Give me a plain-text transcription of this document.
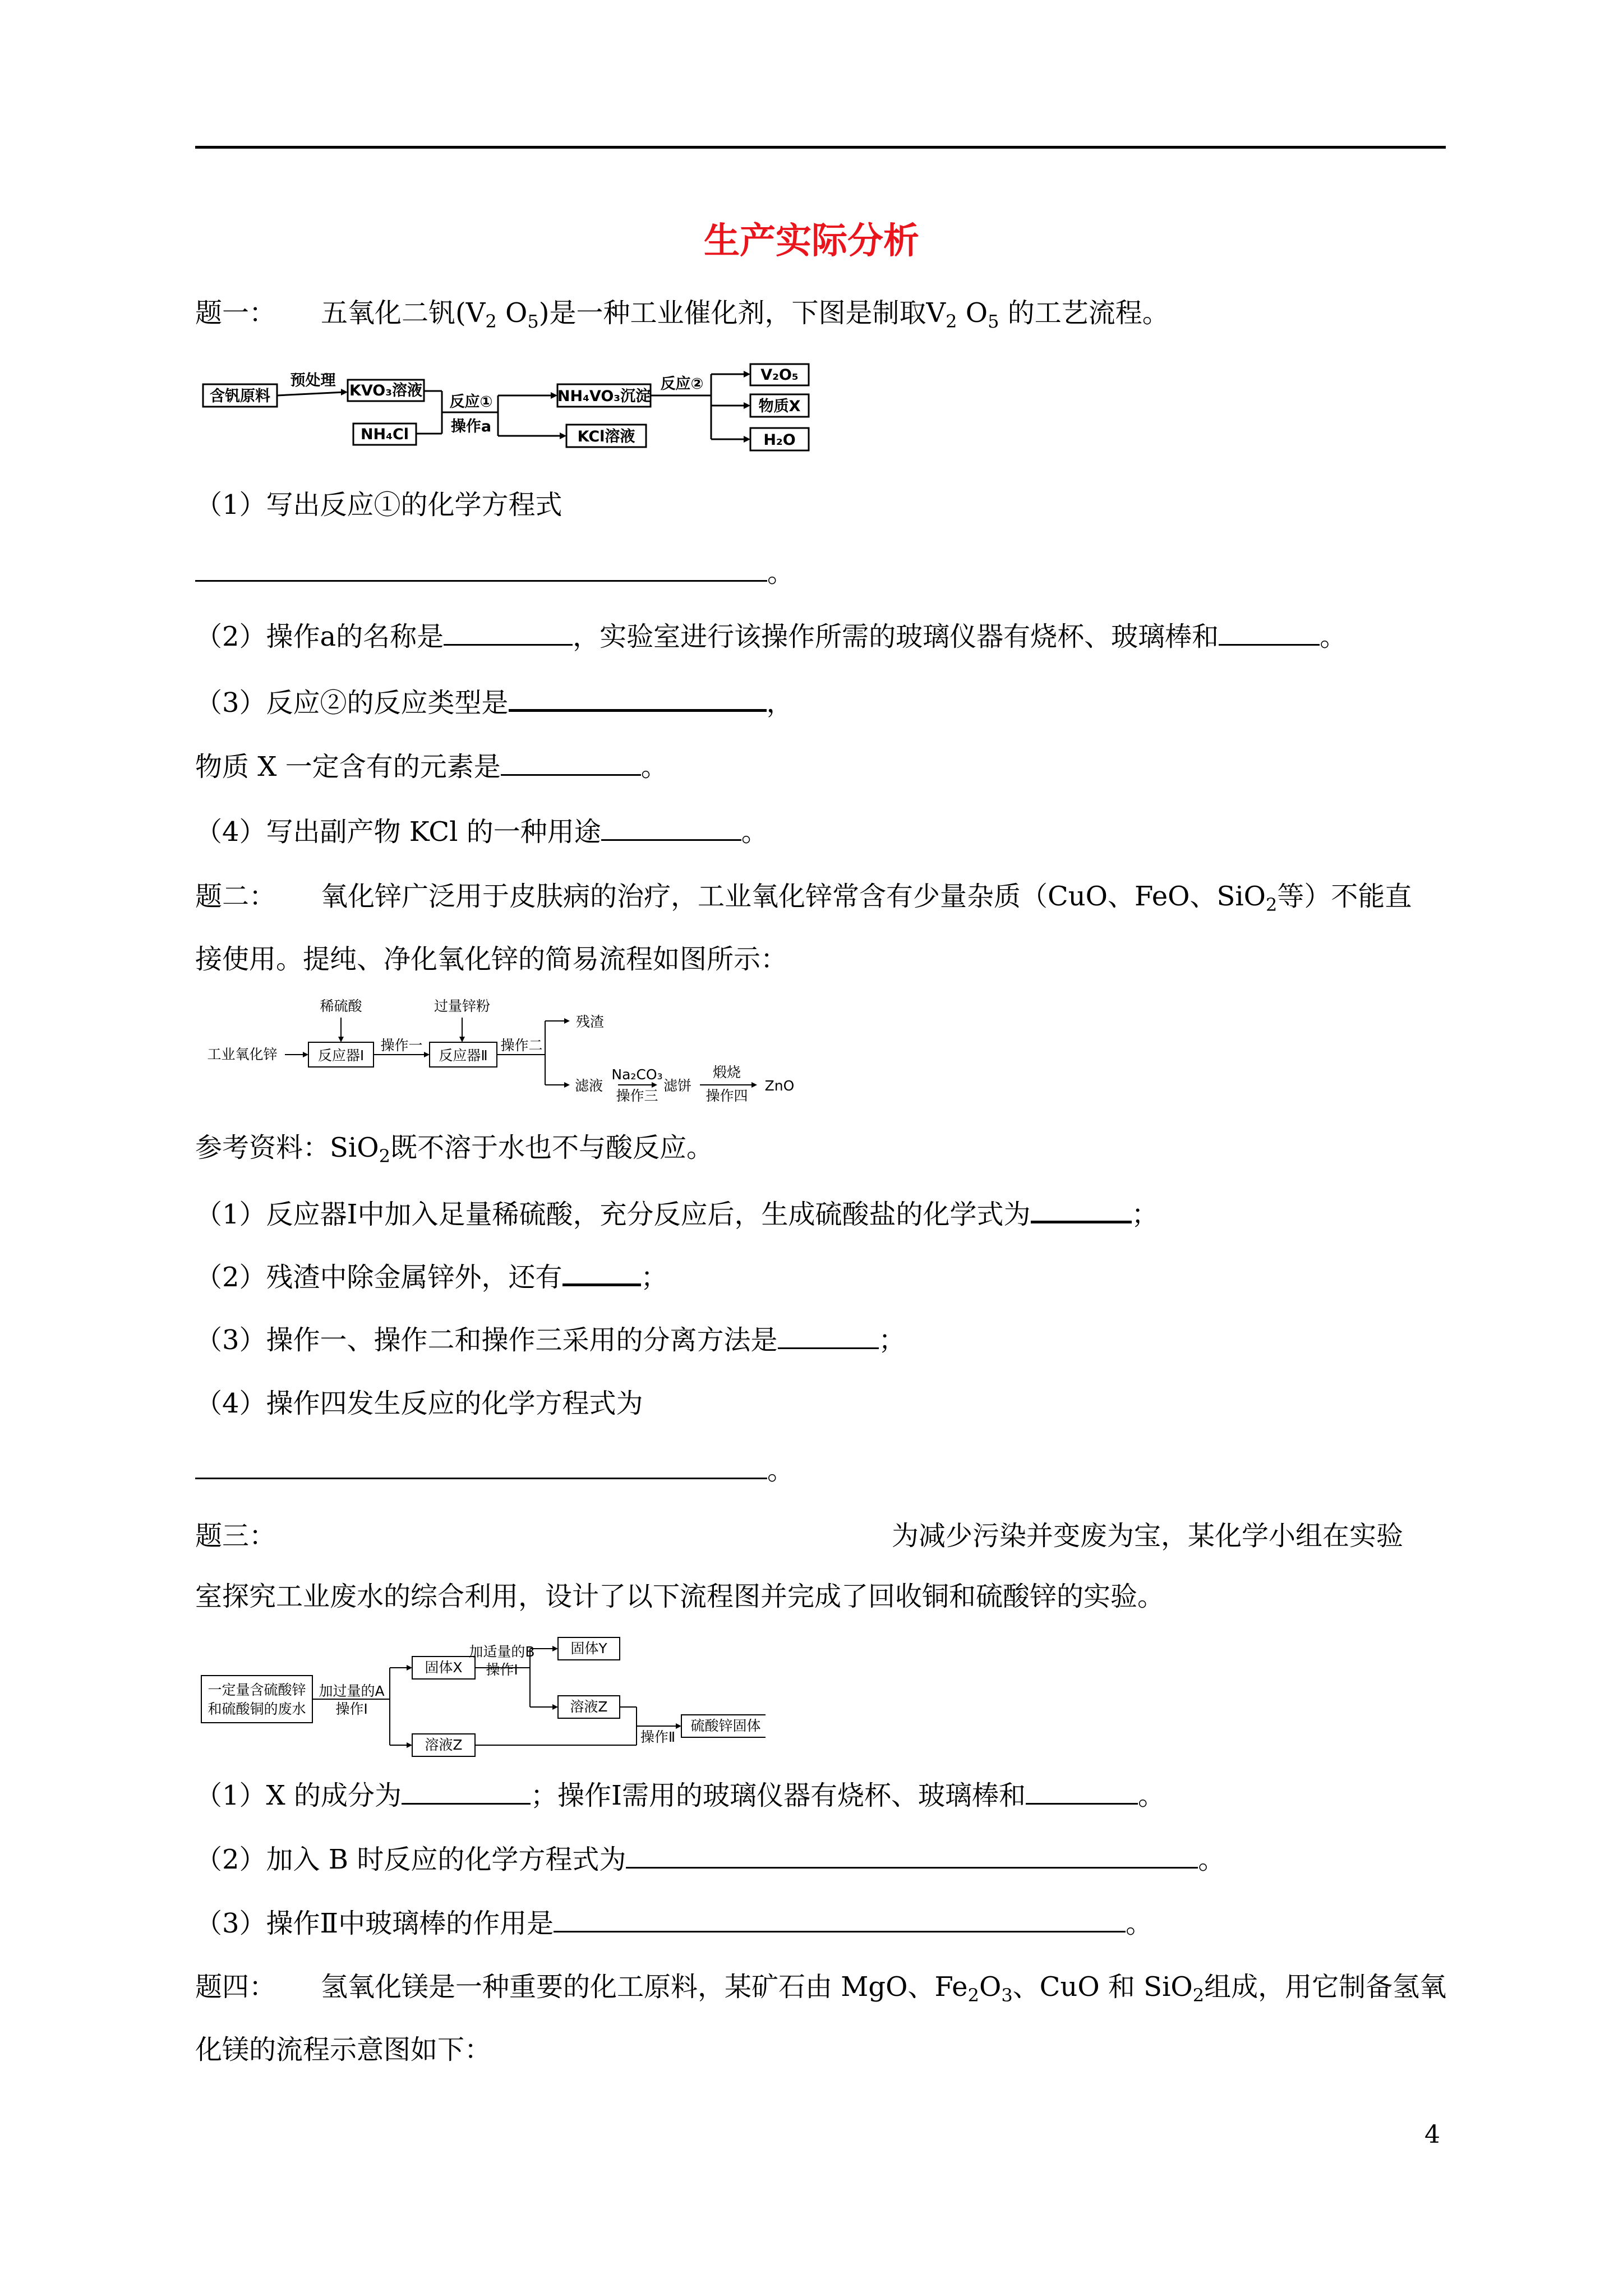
生产实际分析
题一： 五氧化二钒($V_2$ $O_5$)是一种工业催化剂，下图是制取$V_2$ $O_5$ 的工艺流程。
含钒原料
预处理
KVO₃溶液
NH₄Cl
反应①
操作a
NH₄VO₃沉淀
KCl溶液
反应②
V₂O₅
物质X
H₂O
（1）写出反应①的化学方程式
。
（2）操作a的名称是	，实验室进行该操作所需的玻璃仪器有烧杯、玻璃棒和	。
（3）反应②的反应类型是	，
物质 X 一定含有的元素是	。
（4）写出副产物 KCl 的一种用途	。
题二： 氧化锌广泛用于皮肤病的治疗，工业氧化锌常含有少量杂质（CuO、FeO、SiO$_2$等）不能直
接使用。提纯、净化氧化锌的简易流程如图所示：
工业氧化锌
稀硫酸
反应器Ⅰ
操作一
过量锌粉
反应器Ⅱ
操作二
残渣
滤液
Na₂CO₃
操作三
滤饼
煅烧
操作四
ZnO
参考资料：SiO$_2$既不溶于水也不与酸反应。
（1）反应器Ⅰ中加入足量稀硫酸，充分反应后，生成硫酸盐的化学式为	；
（2）残渣中除金属锌外，还有	；
（3）操作一、操作二和操作三采用的分离方法是	；
（4）操作四发生反应的化学方程式为
。
题三：	为减少污染并变废为宝，某化学小组在实验
室探究工业废水的综合利用，设计了以下流程图并完成了回收铜和硫酸锌的实验。
一定量含硫酸锌
和硫酸铜的废水
加过量的A
操作Ⅰ
固体X
加适量的B
操作Ⅰ
固体Y
溶液Z
溶液Z	操作Ⅱ
硫酸锌固体
（1）X 的成分为	；操作Ⅰ需用的玻璃仪器有烧杯、玻璃棒和	。
（2）加入 B 时反应的化学方程式为	。
（3）操作Ⅱ中玻璃棒的作用是	。
题四： 氢氧化镁是一种重要的化工原料，某矿石由 MgO、$Fe_2O_3$、CuO 和 SiO$_2$组成，用它制备氢氧
化镁的流程示意图如下：
4
